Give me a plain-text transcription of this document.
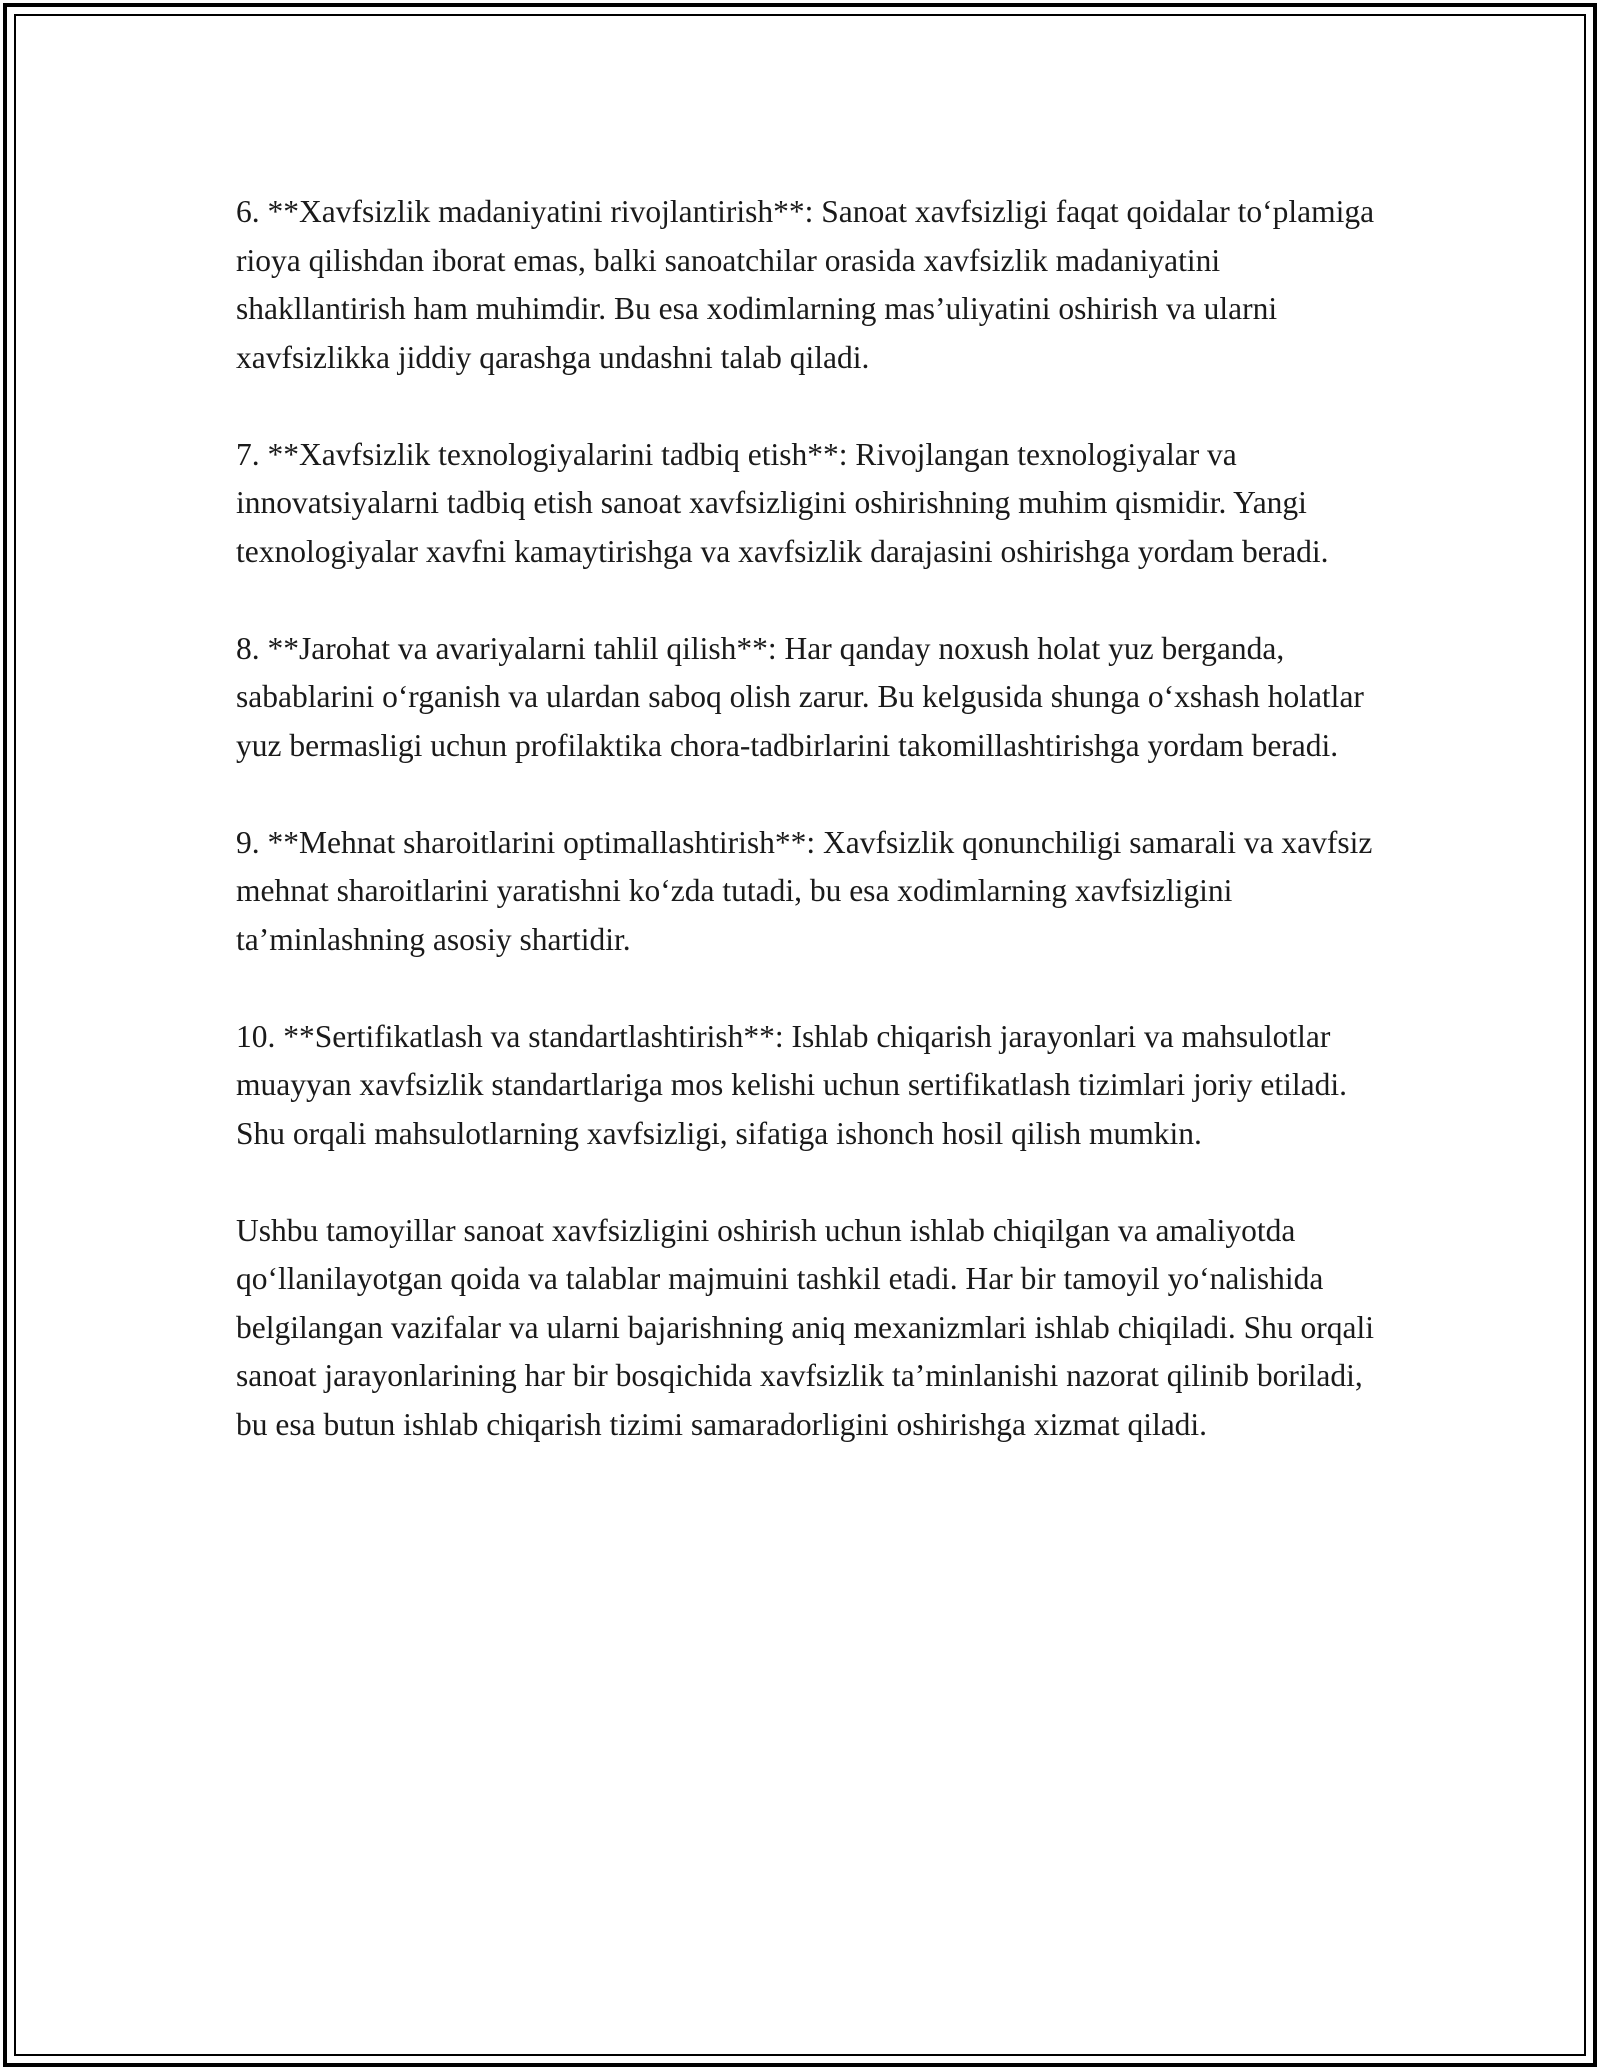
6. **Xavfsizlik madaniyatini rivojlantirish**: Sanoat xavfsizligi faqat qoidalar to‘plamiga rioya qilishdan iborat emas, balki sanoatchilar orasida xavfsizlik madaniyatini shakllantirish ham muhimdir. Bu esa xodimlarning mas’uliyatini oshirish va ularni xavfsizlikka jiddiy qarashga undashni talab qiladi.

7. **Xavfsizlik texnologiyalarini tadbiq etish**: Rivojlangan texnologiyalar va innovatsiyalarni tadbiq etish sanoat xavfsizligini oshirishning muhim qismidir. Yangi texnologiyalar xavfni kamaytirishga va xavfsizlik darajasini oshirishga yordam beradi.

8. **Jarohat va avariyalarni tahlil qilish**: Har qanday noxush holat yuz berganda, sabablarini o‘rganish va ulardan saboq olish zarur. Bu kelgusida shunga o‘xshash holatlar yuz bermasligi uchun profilaktika chora-tadbirlarini takomillashtirishga yordam beradi.

9. **Mehnat sharoitlarini optimallashtirish**: Xavfsizlik qonunchiligi samarali va xavfsiz mehnat sharoitlarini yaratishni ko‘zda tutadi, bu esa xodimlarning xavfsizligini ta’minlashning asosiy shartidir.

10. **Sertifikatlash va standartlashtirish**: Ishlab chiqarish jarayonlari va mahsulotlar muayyan xavfsizlik standartlariga mos kelishi uchun sertifikatlash tizimlari joriy etiladi. Shu orqali mahsulotlarning xavfsizligi, sifatiga ishonch hosil qilish mumkin.

Ushbu tamoyillar sanoat xavfsizligini oshirish uchun ishlab chiqilgan va amaliyotda qo‘llanilayotgan qoida va talablar majmuini tashkil etadi. Har bir tamoyil yo‘nalishida belgilangan vazifalar va ularni bajarishning aniq mexanizmlari ishlab chiqiladi. Shu orqali sanoat jarayonlarining har bir bosqichida xavfsizlik ta’minlanishi nazorat qilinib boriladi, bu esa butun ishlab chiqarish tizimi samaradorligini oshirishga xizmat qiladi.
